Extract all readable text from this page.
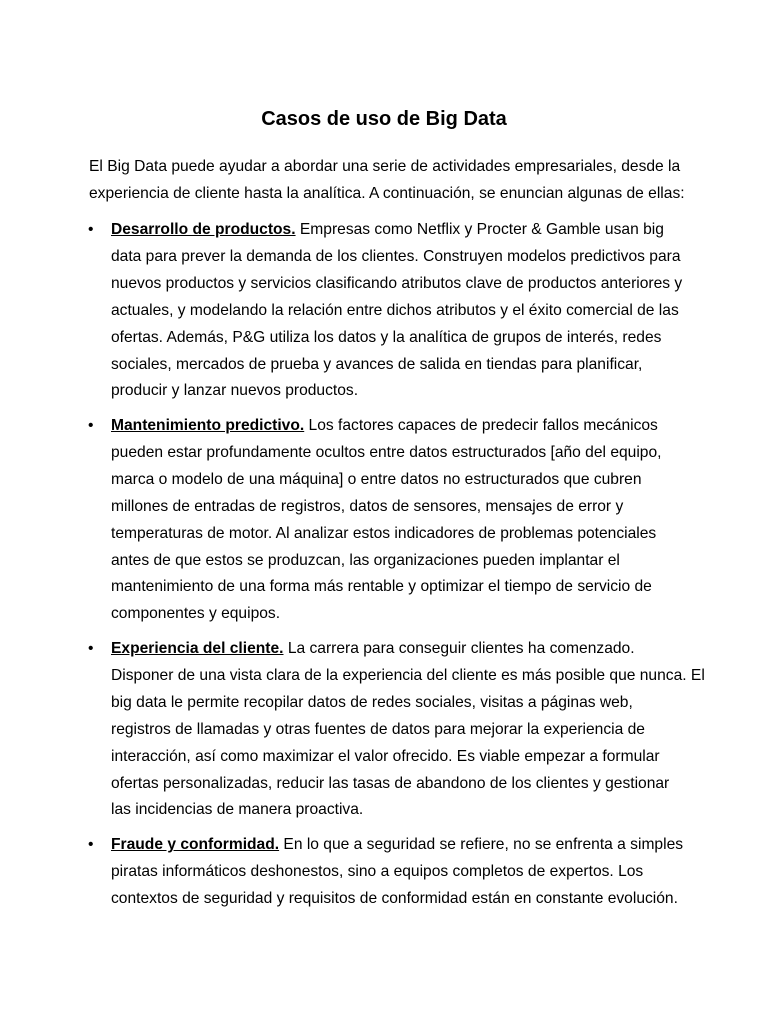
Casos de uso de Big Data

El Big Data puede ayudar a abordar una serie de actividades empresariales, desde la
experiencia de cliente hasta la analítica. A continuación, se enuncian algunas de ellas:

• Desarrollo de productos. Empresas como Netflix y Procter & Gamble usan big
data para prever la demanda de los clientes. Construyen modelos predictivos para
nuevos productos y servicios clasificando atributos clave de productos anteriores y
actuales, y modelando la relación entre dichos atributos y el éxito comercial de las
ofertas. Además, P&G utiliza los datos y la analítica de grupos de interés, redes
sociales, mercados de prueba y avances de salida en tiendas para planificar,
producir y lanzar nuevos productos.
• Mantenimiento predictivo. Los factores capaces de predecir fallos mecánicos
pueden estar profundamente ocultos entre datos estructurados [año del equipo,
marca o modelo de una máquina] o entre datos no estructurados que cubren
millones de entradas de registros, datos de sensores, mensajes de error y
temperaturas de motor. Al analizar estos indicadores de problemas potenciales
antes de que estos se produzcan, las organizaciones pueden implantar el
mantenimiento de una forma más rentable y optimizar el tiempo de servicio de
componentes y equipos.
• Experiencia del cliente. La carrera para conseguir clientes ha comenzado.
Disponer de una vista clara de la experiencia del cliente es más posible que nunca. El
big data le permite recopilar datos de redes sociales, visitas a páginas web,
registros de llamadas y otras fuentes de datos para mejorar la experiencia de
interacción, así como maximizar el valor ofrecido. Es viable empezar a formular
ofertas personalizadas, reducir las tasas de abandono de los clientes y gestionar
las incidencias de manera proactiva.
• Fraude y conformidad. En lo que a seguridad se refiere, no se enfrenta a simples
piratas informáticos deshonestos, sino a equipos completos de expertos. Los
contextos de seguridad y requisitos de conformidad están en constante evolución.
